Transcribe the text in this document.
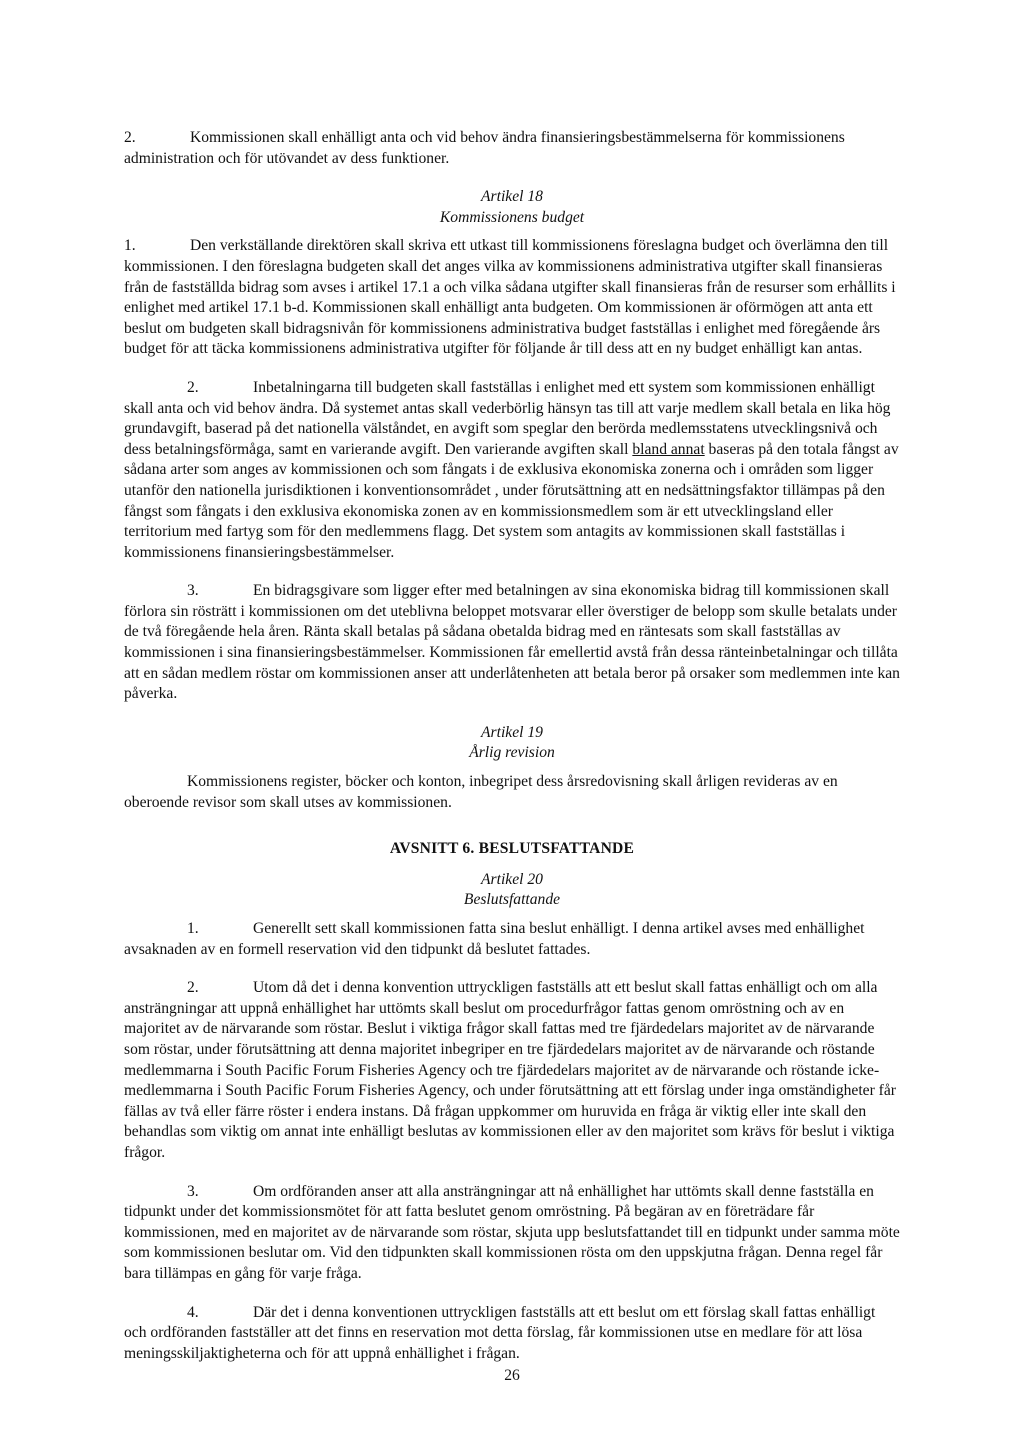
2.	Kommissionen skall enhälligt anta och vid behov ändra finansieringsbestämmelserna för kommissionens administration och för utövandet av dess funktioner.

Artikel 18
Kommissionens budget

1.	Den verkställande direktören skall skriva ett utkast till kommissionens föreslagna budget och överlämna den till kommissionen. I den föreslagna budgeten skall det anges vilka av kommissionens administrativa utgifter skall finansieras från de fastställda bidrag som avses i artikel 17.1 a och vilka sådana utgifter skall finansieras från de resurser som erhållits i enlighet med artikel 17.1 b-d. Kommissionen skall enhälligt anta budgeten. Om kommissionen är oförmögen att anta ett beslut om budgeten skall bidragsnivån för kommissionens administrativa budget fastställas i enlighet med föregående års budget för att täcka kommissionens administrativa utgifter för följande år till dess att en ny budget enhälligt kan antas.

2.	Inbetalningarna till budgeten skall fastställas i enlighet med ett system som kommissionen enhälligt skall anta och vid behov ändra. Då systemet antas skall vederbörlig hänsyn tas till att varje medlem skall betala en lika hög grundavgift, baserad på det nationella välståndet, en avgift som speglar den berörda medlemsstatens utvecklingsnivå och dess betalningsförmåga, samt en varierande avgift. Den varierande avgiften skall bland annat baseras på den totala fångst av sådana arter som anges av kommissionen och som fångats i de exklusiva ekonomiska zonerna och i områden som ligger utanför den nationella jurisdiktionen i konventionsområdet , under förutsättning att en nedsättningsfaktor tillämpas på den fångst som fångats i den exklusiva ekonomiska zonen av en kommissionsmedlem som är ett utvecklingsland eller territorium med fartyg som för den medlemmens flagg. Det system som antagits av kommissionen skall fastställas i kommissionens finansieringsbestämmelser.

3.	En bidragsgivare som ligger efter med betalningen av sina ekonomiska bidrag till kommissionen skall förlora sin rösträtt i kommissionen om det uteblivna beloppet motsvarar eller överstiger de belopp som skulle betalats under de två föregående hela åren. Ränta skall betalas på sådana obetalda bidrag med en räntesats som skall fastställas av kommissionen i sina finansieringsbestämmelser. Kommissionen får emellertid avstå från dessa ränteinbetalningar och tillåta att en sådan medlem röstar om kommissionen anser att underlåtenheten att betala beror på orsaker som medlemmen inte kan påverka.

Artikel 19
Årlig revision

Kommissionens register, böcker och konton, inbegripet dess årsredovisning skall årligen revideras av en oberoende revisor som skall utses av kommissionen.

AVSNITT 6. BESLUTSFATTANDE
Artikel 20
Beslutsfattande

1.	Generellt sett skall kommissionen fatta sina beslut enhälligt. I denna artikel avses med enhällighet avsaknaden av en formell reservation vid den tidpunkt då beslutet fattades.

2.	Utom då det i denna konvention uttryckligen fastställs att ett beslut skall fattas enhälligt och om alla ansträngningar att uppnå enhällighet har uttömts skall beslut om procedurfrågor fattas genom omröstning och av en majoritet av de närvarande som röstar. Beslut i viktiga frågor skall fattas med tre fjärdedelars majoritet av de närvarande som röstar, under förutsättning att denna majoritet inbegriper en tre fjärdedelars majoritet av de närvarande och röstande medlemmarna i South Pacific Forum Fisheries Agency och tre fjärdedelars majoritet av de närvarande och röstande icke-medlemmarna i South Pacific Forum Fisheries Agency, och under förutsättning att ett förslag under inga omständigheter får fällas av två eller färre röster i endera instans. Då frågan uppkommer om huruvida en fråga är viktig eller inte skall den behandlas som viktig om annat inte enhälligt beslutas av kommissionen eller av den majoritet som krävs för beslut i viktiga frågor.

3.	Om ordföranden anser att alla ansträngningar att nå enhällighet har uttömts skall denne fastställa en tidpunkt under det kommissionsmötet för att fatta beslutet genom omröstning. På begäran av en företrädare får kommissionen, med en majoritet av de närvarande som röstar, skjuta upp beslutsfattandet till en tidpunkt under samma möte som kommissionen beslutar om. Vid den tidpunkten skall kommissionen rösta om den uppskjutna frågan. Denna regel får bara tillämpas en gång för varje fråga.

4.	Där det i denna konventionen uttryckligen fastställs att ett beslut om ett förslag skall fattas enhälligt och ordföranden fastställer att det finns en reservation mot detta förslag, får kommissionen utse en medlare för att lösa meningsskiljaktigheterna och för att uppnå enhällighet i frågan.

26
